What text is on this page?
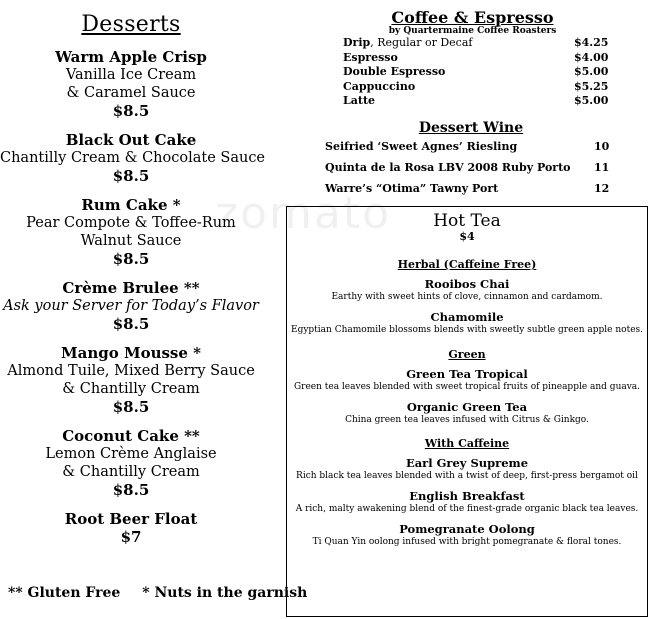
zomato
Desserts
Warm Apple Crisp
Vanilla Ice Cream
& Caramel Sauce
$8.5
Black Out Cake
Chantilly Cream & Chocolate Sauce
$8.5
Rum Cake *
Pear Compote & Toffee-Rum
Walnut Sauce
$8.5
Crème Brulee **
Ask your Server for Today’s Flavor
$8.5
Mango Mousse *
Almond Tuile, Mixed Berry Sauce
& Chantilly Cream
$8.5
Coconut Cake **
Lemon Crème Anglaise
& Chantilly Cream
$8.5
Root Beer Float
$7
** Gluten Free * Nuts in the garnish
Coffee & Espresso
by Quartermaine Coffee Roasters
Drip, Regular or Decaf	$4.25
Espresso	$4.00
Double Espresso	$5.00
Cappuccino	$5.25
Latte	$5.00
Dessert Wine
Seifried ‘Sweet Agnes’ Riesling	10
Quinta de la Rosa LBV 2008 Ruby Porto 11
Warre’s “Otima” Tawny Port	12
Hot Tea
$4
Herbal (Caffeine Free)
Rooibos Chai
Earthy with sweet hints of clove, cinnamon and cardamom.
Chamomile
Egyptian Chamomile blossoms blends with sweetly subtle green apple notes.
Green
Green Tea Tropical
Green tea leaves blended with sweet tropical fruits of pineapple and guava.
Organic Green Tea
China green tea leaves infused with Citrus & Ginkgo.
With Caffeine
Earl Grey Supreme
Rich black tea leaves blended with a twist of deep, first-press bergamot oil
English Breakfast
A rich, malty awakening blend of the finest-grade organic black tea leaves.
Pomegranate Oolong
Ti Quan Yin oolong infused with bright pomegranate & floral tones.
